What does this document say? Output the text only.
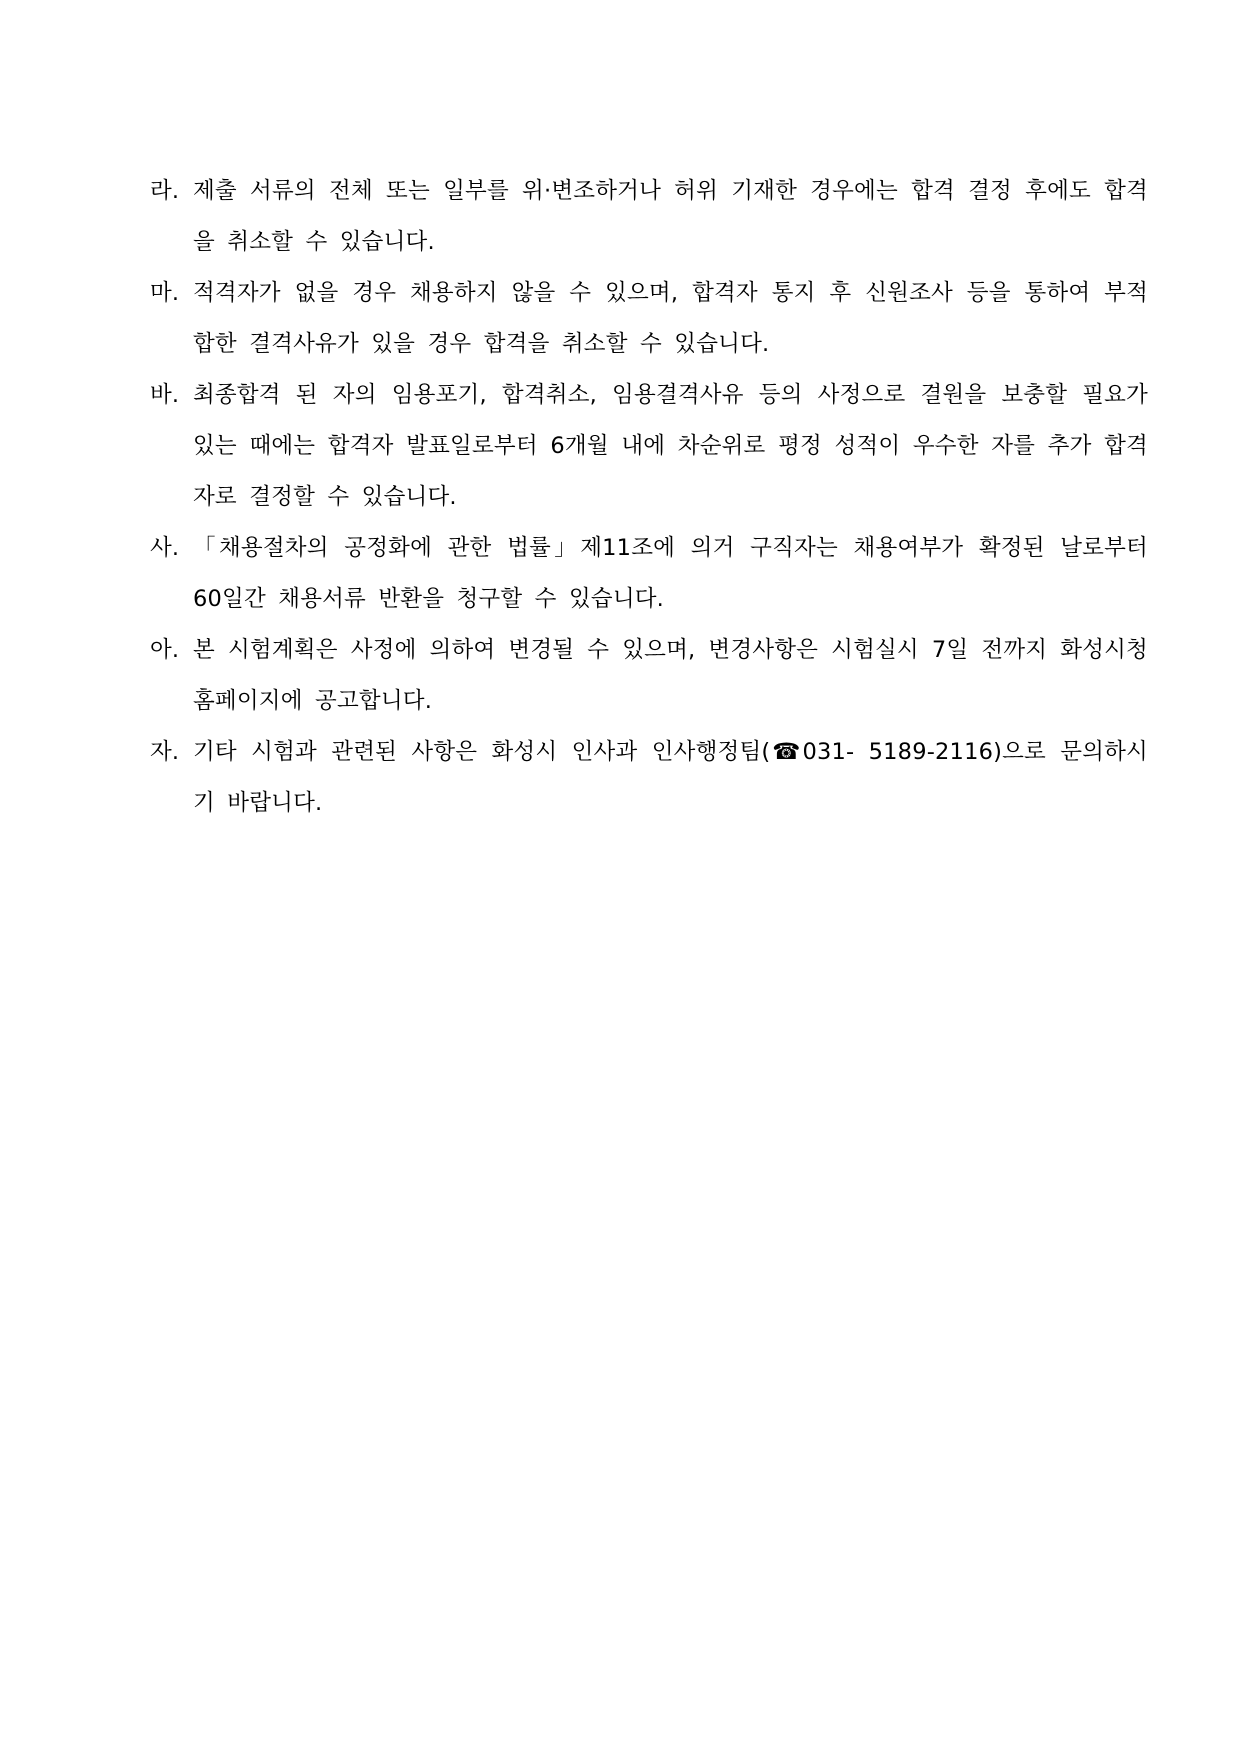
라. 제출 서류의 전체 또는 일부를 위·변조하거나 허위 기재한 경우에는 합격 결정 후에도 합격을 취소할 수 있습니다.
마. 적격자가 없을 경우 채용하지 않을 수 있으며, 합격자 통지 후 신원조사 등을 통하여 부적합한 결격사유가 있을 경우 합격을 취소할 수 있습니다.
바. 최종합격 된 자의 임용포기, 합격취소, 임용결격사유 등의 사정으로 결원을 보충할 필요가 있는 때에는 합격자 발표일로부터 6개월 내에 차순위로 평정 성적이 우수한 자를 추가 합격자로 결정할 수 있습니다.
사. 「채용절차의 공정화에 관한 법률」제11조에 의거 구직자는 채용여부가 확정된 날로부터 60일간 채용서류 반환을 청구할 수 있습니다.
아. 본 시험계획은 사정에 의하여 변경될 수 있으며, 변경사항은 시험실시 7일 전까지 화성시청 홈페이지에 공고합니다.
자. 기타 시험과 관련된 사항은 화성시 인사과 인사행정팀(☎031- 5189-2116)으로 문의하시기 바랍니다.
